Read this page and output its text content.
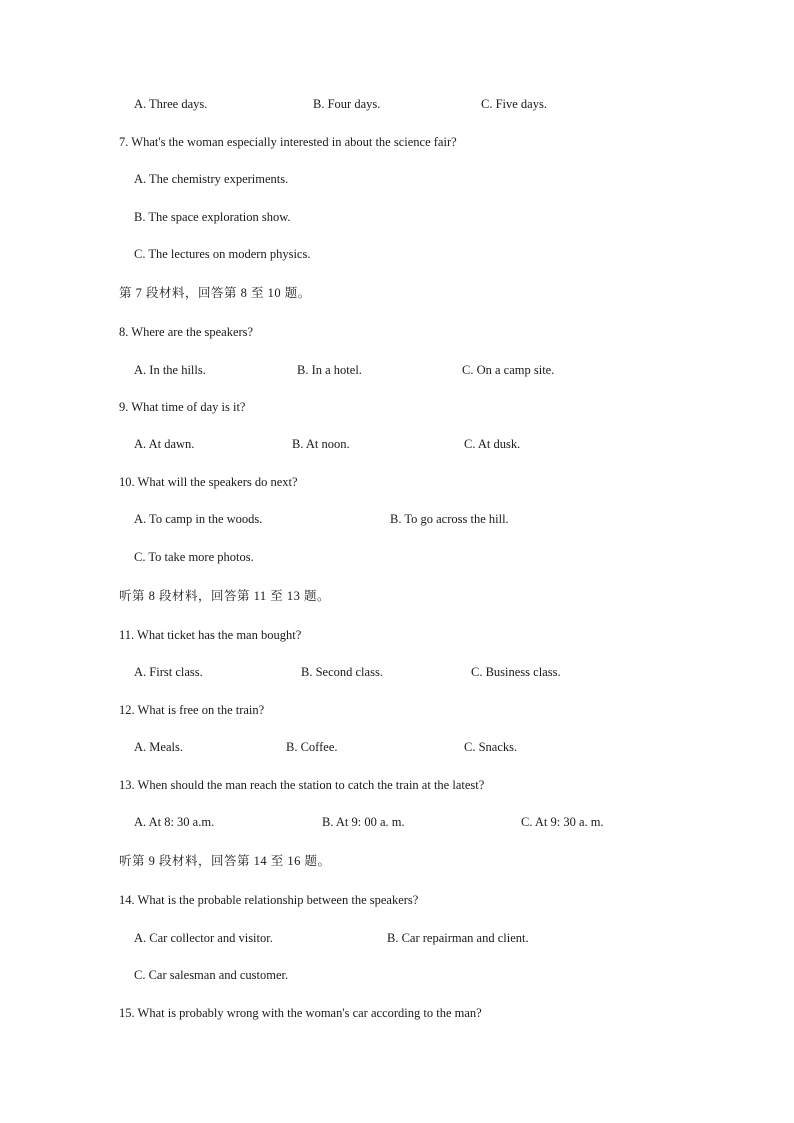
A. Three days.	B. Four days.	C. Five days.
7. What's the woman especially interested in about the science fair?
A. The chemistry experiments.
B. The space exploration show.
C. The lectures on modern physics.
第 7 段材料，回答第 8 至 10 题。
8. Where are the speakers?
A. In the hills.	B. In a hotel.	C. On a camp site.
9. What time of day is it?
A. At dawn.	B. At noon.	C. At dusk.
10. What will the speakers do next?
A. To camp in the woods.	B. To go across the hill.
C. To take more photos.
听第 8 段材料，回答第 11 至 13 题。
11. What ticket has the man bought?
A. First class.	B. Second class.	C. Business class.
12. What is free on the train?
A. Meals.	B. Coffee.	C. Snacks.
13. When should the man reach the station to catch the train at the latest?
A. At 8: 30 a.m.	B. At 9: 00 a. m.	C. At 9: 30 a. m.
听第 9 段材料，回答第 14 至 16 题。
14. What is the probable relationship between the speakers?
A. Car collector and visitor.	B. Car repairman and client.
C. Car salesman and customer.
15. What is probably wrong with the woman's car according to the man?
